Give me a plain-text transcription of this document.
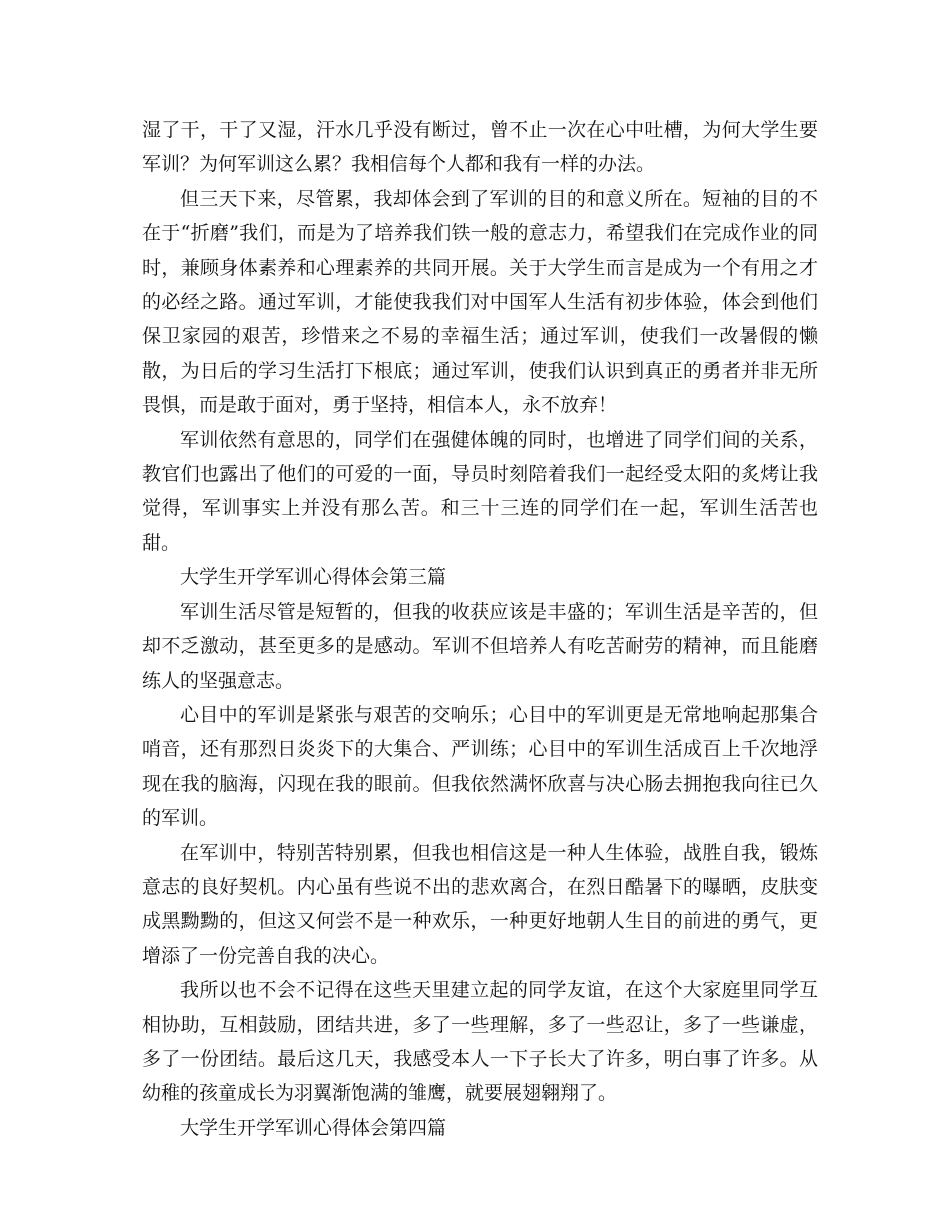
湿了干，干了又湿，汗水几乎没有断过，曾不止一次在心中吐槽，为何大学生要军训？为何军训这么累？我相信每个人都和我有一样的办法。

但三天下来，尽管累，我却体会到了军训的目的和意义所在。短袖的目的不在于“折磨”我们，而是为了培养我们铁一般的意志力，希望我们在完成作业的同时，兼顾身体素养和心理素养的共同开展。关于大学生而言是成为一个有用之才的必经之路。通过军训，才能使我我们对中国军人生活有初步体验，体会到他们保卫家园的艰苦，珍惜来之不易的幸福生活；通过军训，使我们一改暑假的懒散，为日后的学习生活打下根底；通过军训，使我们认识到真正的勇者并非无所畏惧，而是敢于面对，勇于坚持，相信本人，永不放弃！

军训依然有意思的，同学们在强健体魄的同时，也增进了同学们间的关系，教官们也露出了他们的可爱的一面，导员时刻陪着我们一起经受太阳的炙烤让我觉得，军训事实上并没有那么苦。和三十三连的同学们在一起，军训生活苦也甜。

大学生开学军训心得体会第三篇

军训生活尽管是短暂的，但我的收获应该是丰盛的；军训生活是辛苦的，但却不乏激动，甚至更多的是感动。军训不但培养人有吃苦耐劳的精神，而且能磨练人的坚强意志。

心目中的军训是紧张与艰苦的交响乐；心目中的军训更是无常地响起那集合哨音，还有那烈日炎炎下的大集合、严训练；心目中的军训生活成百上千次地浮现在我的脑海，闪现在我的眼前。但我依然满怀欣喜与决心肠去拥抱我向往已久的军训。

在军训中，特别苦特别累，但我也相信这是一种人生体验，战胜自我，锻炼意志的良好契机。内心虽有些说不出的悲欢离合，在烈日酷暑下的曝晒，皮肤变成黑黝黝的，但这又何尝不是一种欢乐，一种更好地朝人生目的前进的勇气，更增添了一份完善自我的决心。

我所以也不会不记得在这些天里建立起的同学友谊，在这个大家庭里同学互相协助，互相鼓励，团结共进，多了一些理解，多了一些忍让，多了一些谦虚，多了一份团结。最后这几天，我感受本人一下子长大了许多，明白事了许多。从幼稚的孩童成长为羽翼渐饱满的雏鹰，就要展翅翱翔了。

大学生开学军训心得体会第四篇
